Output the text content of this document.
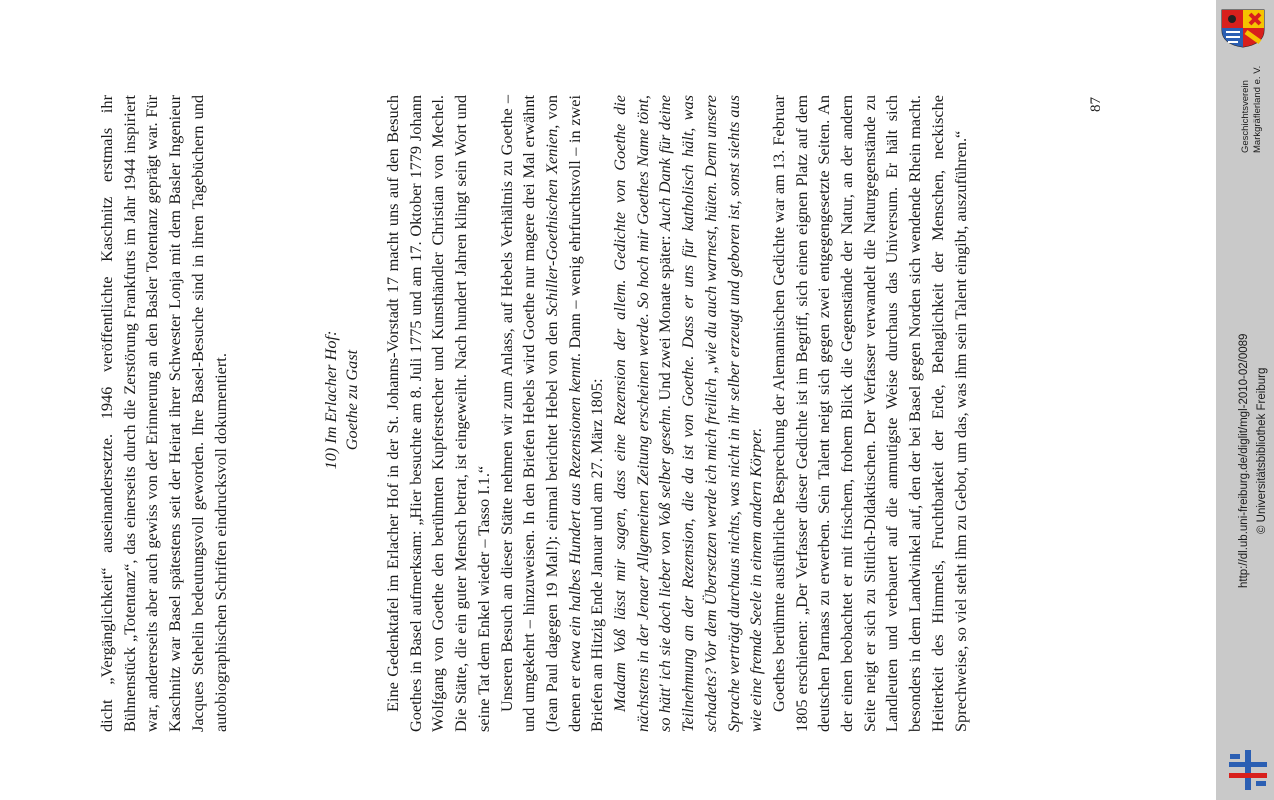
dicht „Vergänglichkeit“ auseinandersetzte. 1946 veröffentlichte Kaschnitz erstmals ihr Bühnenstück „Totentanz“, das einerseits durch die Zerstörung Frankfurts im Jahr 1944 inspiriert war, andererseits aber auch gewiss von der Erinnerung an den Basler Totentanz geprägt war. Für Kaschnitz war Basel spätestens seit der Heirat ihrer Schwester Lonja mit dem Basler Ingenieur Jacques Stehelin bedeutungsvoll geworden. Ihre Basel-Besuche sind in ihren Tagebüchern und autobiographischen Schriften eindrucksvoll dokumentiert.	10) Im Erlacher Hof: Goethe zu Gast Eine Gedenktafel im Erlacher Hof in der St. Johanns-Vorstadt 17 macht uns auf den Besuch Goethes in Basel aufmerksam: „Hier besuchte am 8. Juli 1775 und am 17. Oktober 1779 Johann Wolfgang von Goethe den berühmten Kupferstecher und Kunsthändler Christian von Mechel. Die Stätte, die ein guter Mensch betrat, ist eingeweiht. Nach hundert Jahren klingt sein Wort und seine Tat dem Enkel wieder – Tasso I.1.“ Unseren Besuch an dieser Stätte nehmen wir zum Anlass, auf Hebels Verhältnis zu Goethe – und umgekehrt – hinzuweisen. In den Briefen Hebels wird Goethe nur magere drei Mal erwähnt (Jean Paul dagegen 19 Mal!): einmal berichtet Hebel von den Schiller-Goethischen Xenien, von denen er etwa ein halbes Hundert aus Rezensionen kennt. Dann – wenig ehrfurchtsvoll – in zwei Briefen an Hitzig Ende Januar und am 27. März 1805: Madam Voß lässt mir sagen, dass eine Rezension der allem. Gedichte von Goethe die nächstens in der Jenaer Allgemeinen Zeitung erscheinen werde. So hoch mir Goethes Name tönt, so hätt' ich sie doch lieber von Voß selber gesehn. Und zwei Monate später: Auch Dank für deine Teilnehmung an der Rezension, die da ist von Goethe. Dass er uns für katholisch hält, was schadets? Vor dem Übersetzen werde ich mich freilich „wie du auch warnest, hüten. Denn unsere Sprache verträgt durchaus nichts, was nicht in ihr selber erzeugt und geboren ist, sonst siehts aus wie eine fremde Seele in einem andern Körper. Goethes berühmte ausführliche Besprechung der Alemannischen Gedichte war am 13. Februar 1805 erschienen: „Der Verfasser dieser Gedichte ist im Begriff, sich einen eignen Platz auf dem deutschen Parnass zu erwerben. Sein Talent neigt sich gegen zwei entgegengesetzte Seiten. An der einen beobachtet er mit frischem, frohem Blick die Gegenstände der Natur, an der andern Seite neigt er sich zu Sittlich-Didaktischen. Der Verfasser verwandelt die Naturgegenstände zu Landleuten und verbauert auf die anmutigste Weise durchaus das Universum. Er hält sich besonders in dem Landwinkel auf, den der bei Basel gegen Norden sich wendende Rhein macht. Heiterkeit des Himmels, Fruchtbarkeit der Erde, Behaglichkeit der Menschen, neckische Sprechweise, so viel steht ihm zu Gebot, um das, was ihm sein Talent eingibt, auszuführen.“

87
http://dl.ub.uni-freiburg.de/diglit/mgl-2010-02/0089 © Universitätsbibliothek Freiburg
Geschichtsverein Markgräflerland e. V.
